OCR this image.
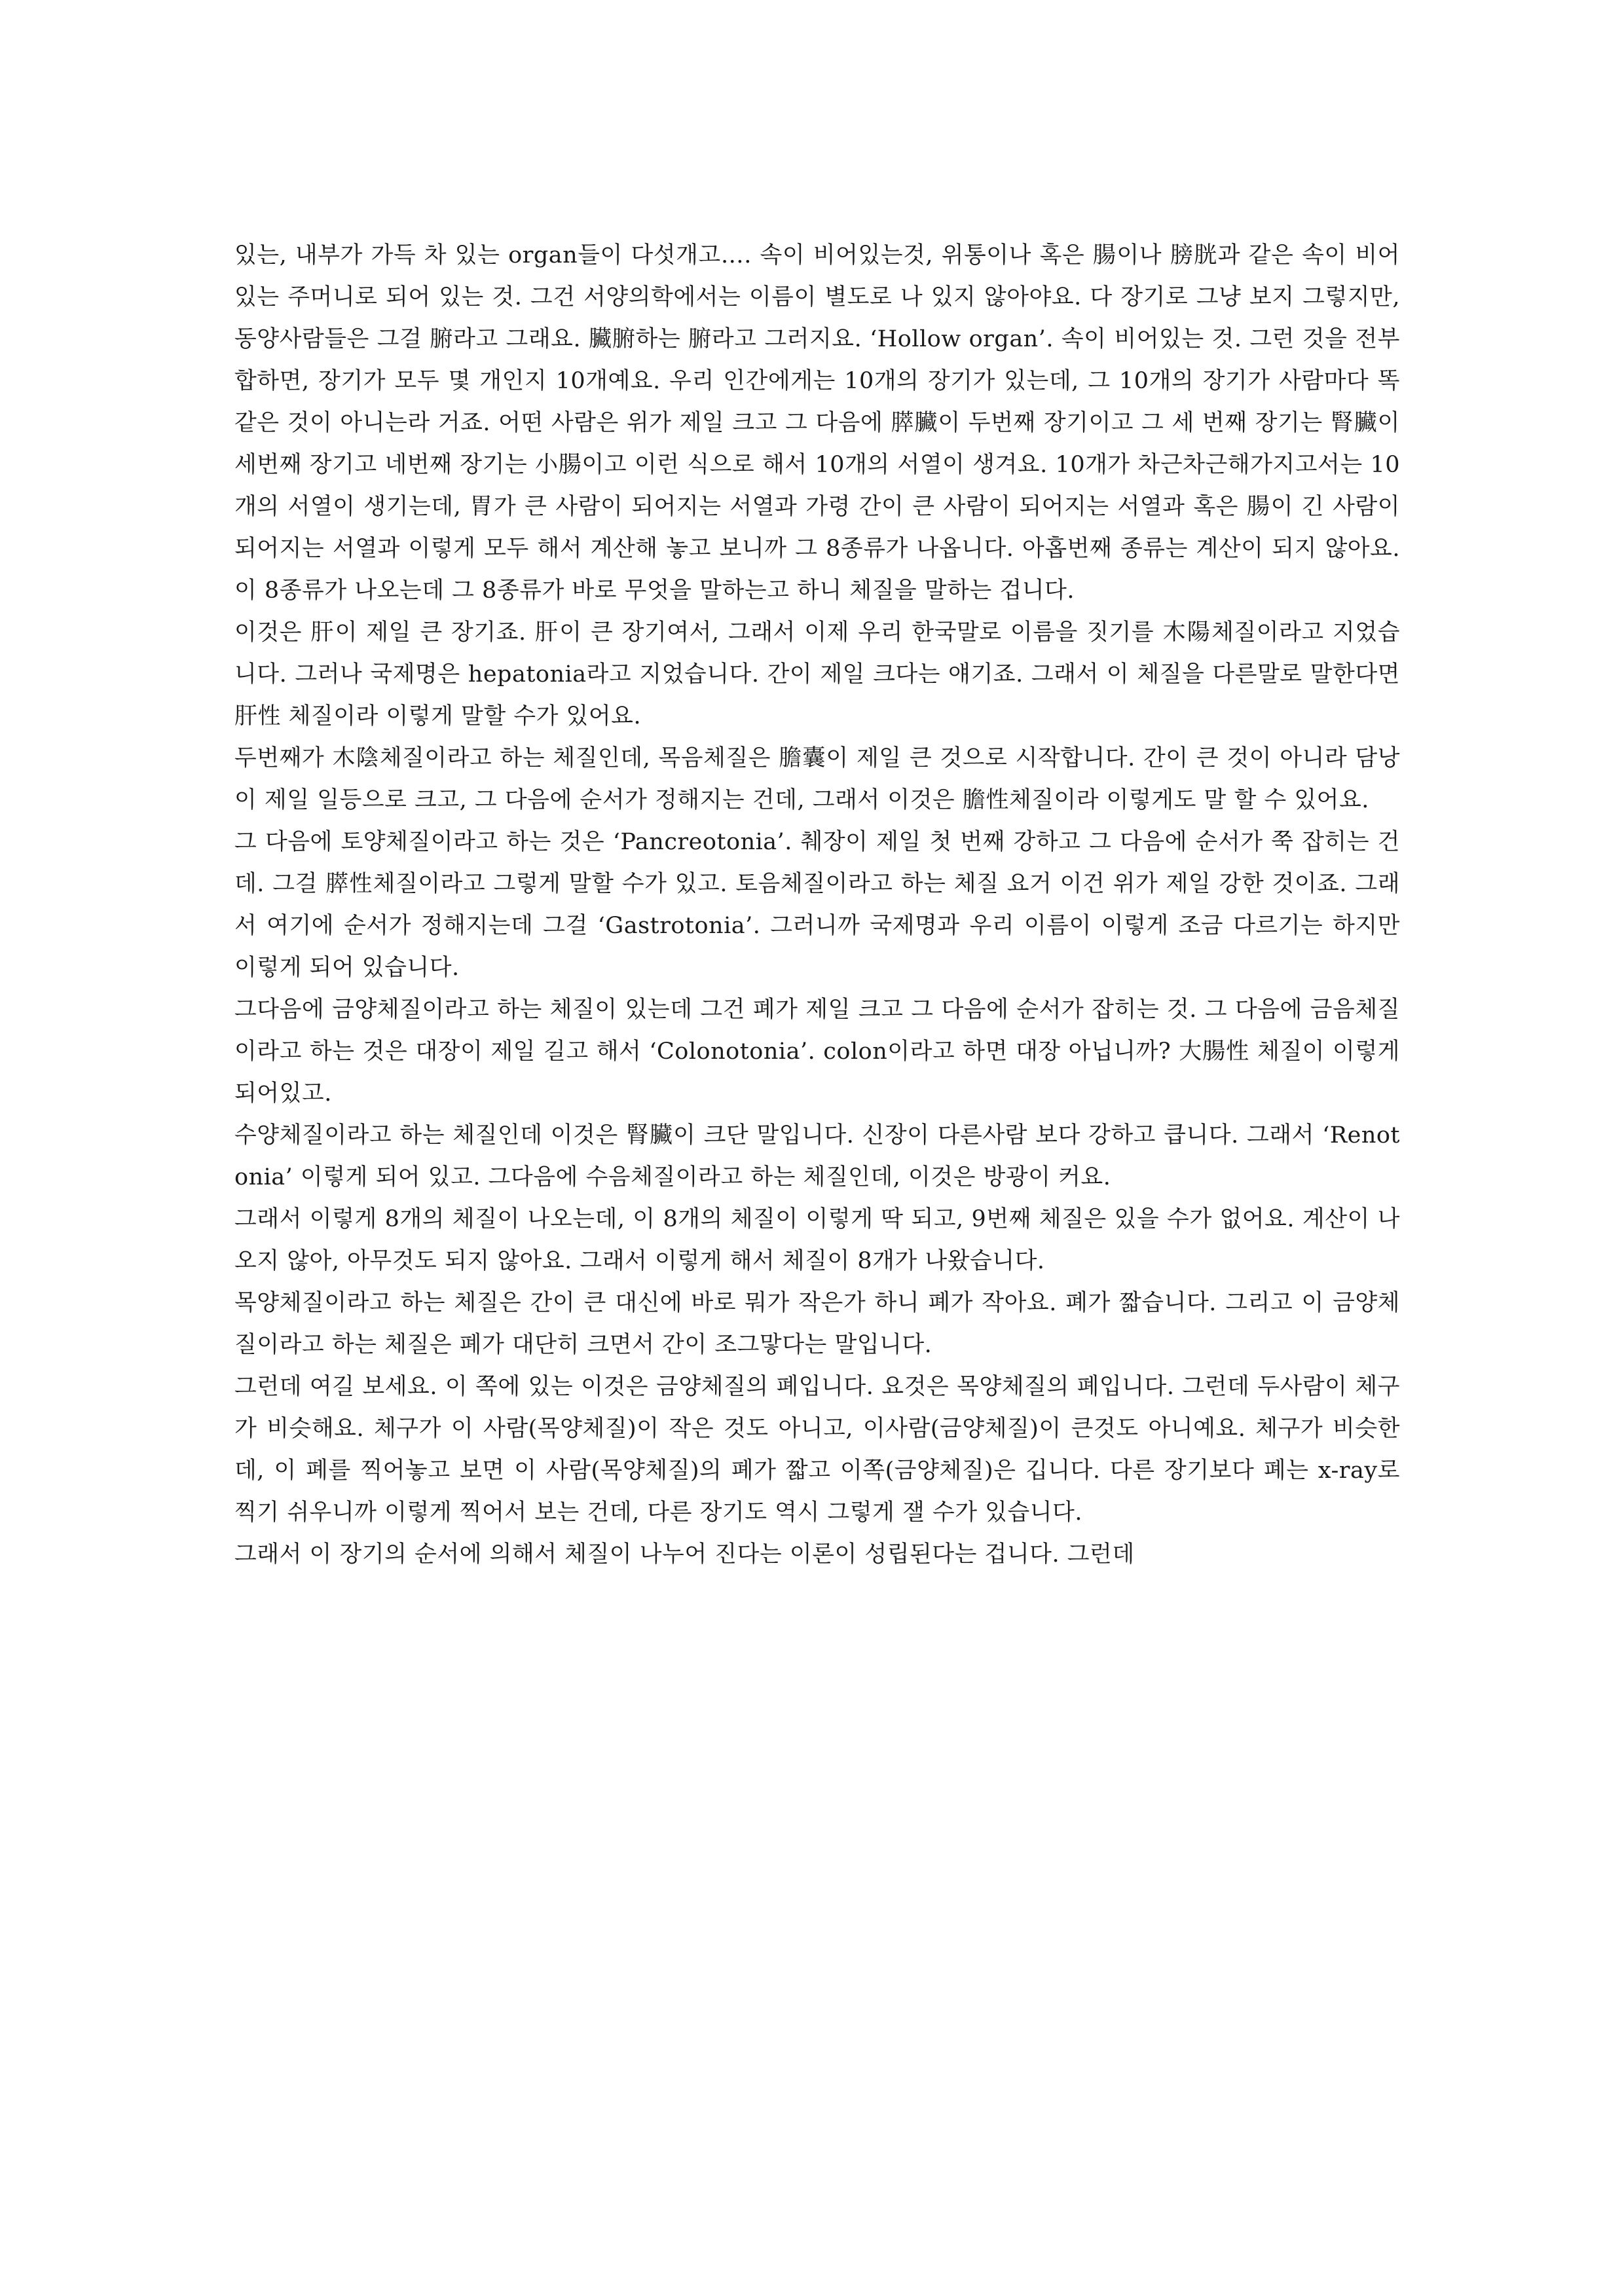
있는, 내부가 가득 차 있는 organ들이 다섯개고…. 속이 비어있는것, 위통이나 혹은 腸이나 膀胱과 같은 속이 비어있는 주머니로 되어 있는 것. 그건 서양의학에서는 이름이 별도로 나 있지 않아야요. 다 장기로 그냥 보지 그렇지만, 동양사람들은 그걸 腑라고 그래요. 臟腑하는 腑라고 그러지요. ‘Hollow organ’. 속이 비어있는 것. 그런 것을 전부 합하면, 장기가 모두 몇 개인지 10개예요. 우리 인간에게는 10개의 장기가 있는데, 그 10개의 장기가 사람마다 똑 같은 것이 아니는라 거죠. 어떤 사람은 위가 제일 크고 그 다음에 膵臟이 두번째 장기이고 그 세 번째 장기는 腎臟이 세번째 장기고 네번째 장기는 小腸이고 이런 식으로 해서 10개의 서열이 생겨요. 10개가 차근차근해가지고서는 10개의 서열이 생기는데, 胃가 큰 사람이 되어지는 서열과 가령 간이 큰 사람이 되어지는 서열과 혹은 腸이 긴 사람이 되어지는 서열과 이렇게 모두 해서 계산해 놓고 보니까 그 8종류가 나옵니다. 아홉번째 종류는 계산이 되지 않아요. 이 8종류가 나오는데 그 8종류가 바로 무엇을 말하는고 하니 체질을 말하는 겁니다.

이것은 肝이 제일 큰 장기죠. 肝이 큰 장기여서, 그래서 이제 우리 한국말로 이름을 짓기를 木陽체질이라고 지었습니다. 그러나 국제명은 hepatonia라고 지었습니다. 간이 제일 크다는 얘기죠. 그래서 이 체질을 다른말로 말한다면 肝性 체질이라 이렇게 말할 수가 있어요.

두번째가 木陰체질이라고 하는 체질인데, 목음체질은 膽囊이 제일 큰 것으로 시작합니다. 간이 큰 것이 아니라 담낭이 제일 일등으로 크고, 그 다음에 순서가 정해지는 건데, 그래서 이것은 膽性체질이라 이렇게도 말 할 수 있어요.

그 다음에 토양체질이라고 하는 것은 ‘Pancreotonia’. 췌장이 제일 첫 번째 강하고 그 다음에 순서가 쭉 잡히는 건데. 그걸 膵性체질이라고 그렇게 말할 수가 있고. 토음체질이라고 하는 체질 요거 이건 위가 제일 강한 것이죠. 그래서 여기에 순서가 정해지는데 그걸 ‘Gastrotonia’. 그러니까 국제명과 우리 이름이 이렇게 조금 다르기는 하지만 이렇게 되어 있습니다.

그다음에 금양체질이라고 하는 체질이 있는데 그건 폐가 제일 크고 그 다음에 순서가 잡히는 것. 그 다음에 금음체질이라고 하는 것은 대장이 제일 길고 해서 ‘Colonotonia’. colon이라고 하면 대장 아닙니까? 大腸性 체질이 이렇게 되어있고.

수양체질이라고 하는 체질인데 이것은 腎臟이 크단 말입니다. 신장이 다른사람 보다 강하고 큽니다. 그래서 ‘Renotonia’ 이렇게 되어 있고. 그다음에 수음체질이라고 하는 체질인데, 이것은 방광이 커요.

그래서 이렇게 8개의 체질이 나오는데, 이 8개의 체질이 이렇게 딱 되고, 9번째 체질은 있을 수가 없어요. 계산이 나오지 않아, 아무것도 되지 않아요. 그래서 이렇게 해서 체질이 8개가 나왔습니다.

목양체질이라고 하는 체질은 간이 큰 대신에 바로 뭐가 작은가 하니 폐가 작아요. 폐가 짧습니다. 그리고 이 금양체질이라고 하는 체질은 폐가 대단히 크면서 간이 조그맣다는 말입니다.

그런데 여길 보세요. 이 쪽에 있는 이것은 금양체질의 폐입니다. 요것은 목양체질의 폐입니다. 그런데 두사람이 체구가 비슷해요. 체구가 이 사람(목양체질)이 작은 것도 아니고, 이사람(금양체질)이 큰것도 아니예요. 체구가 비슷한데, 이 폐를 찍어놓고 보면 이 사람(목양체질)의 폐가 짧고 이쪽(금양체질)은 깁니다. 다른 장기보다 폐는 x-ray로 찍기 쉬우니까 이렇게 찍어서 보는 건데, 다른 장기도 역시 그렇게 잴 수가 있습니다.

그래서 이 장기의 순서에 의해서 체질이 나누어 진다는 이론이 성립된다는 겁니다. 그런데
